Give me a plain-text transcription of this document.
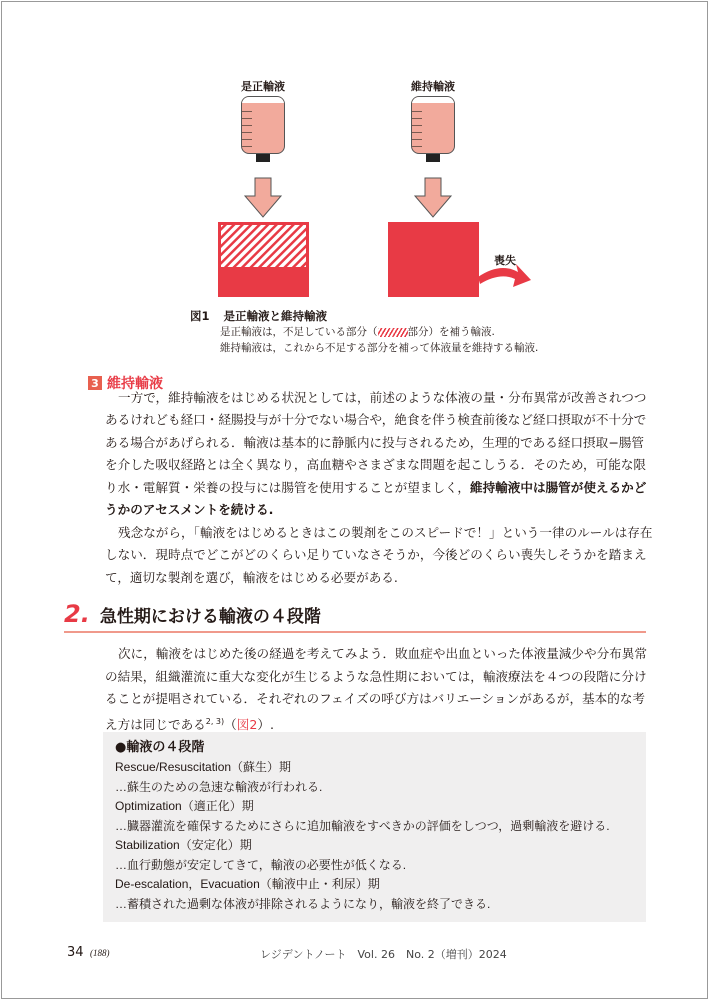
是正輸液	維持輸液
喪失
図1 是正輸液と維持輸液
是正輸液は，不足している部分（	部分）を補う輸液.
維持輸液は，これから不足する部分を補って体液量を維持する輸液.
3 維持輸液
一方で，維持輸液をはじめる状況としては，前述のような体液の量・分布異常が改善されつつ
あるけれども経口・経腸投与が十分でない場合や，絶食を伴う検査前後など経口摂取が不十分で
ある場合があげられる．輸液は基本的に静脈内に投与されるため，生理的である経口摂取−腸管
を介した吸収経路とは全く異なり，高血糖やさまざまな問題を起こしうる．そのため，可能な限
り水・電解質・栄養の投与には腸管を使用することが望ましく，維持輸液中は腸管が使えるかど
うかのアセスメントを続ける.
残念ながら，「輸液をはじめるときはこの製剤をこのスピードで！」という一律のルールは存在
しない．現時点でどこがどのくらい足りていなさそうか，今後どのくらい喪失しそうかを踏まえ
て，適切な製剤を選び，輸液をはじめる必要がある.
2. 急性期における輸液の４段階
次に，輸液をはじめた後の経過を考えてみよう．敗血症や出血といった体液量減少や分布異常
の結果，組織灌流に重大な変化が生じるような急性期においては，輸液療法を４つの段階に分け
ることが提唱されている．それぞれのフェイズの呼び方はバリエーションがあるが，基本的な考
え方は同じである$^{2, 3)}$（図2）.
●輸液の４段階
Rescue/Resuscitation（蘇生）期
…蘇生のための急速な輸液が行われる.
Optimization（適正化）期
…臓器灌流を確保するためにさらに追加輸液をすべきかの評価をしつつ，過剰輸液を避ける.
Stabilization（安定化）期
…血行動態が安定してきて，輸液の必要性が低くなる.
De-escalation，Evacuation（輸液中止・利尿）期
…蓄積された過剰な体液が排除されるようになり，輸液を終了できる.
34 (188)	レジデントノート　Vol. 26　No. 2（増刊）2024
